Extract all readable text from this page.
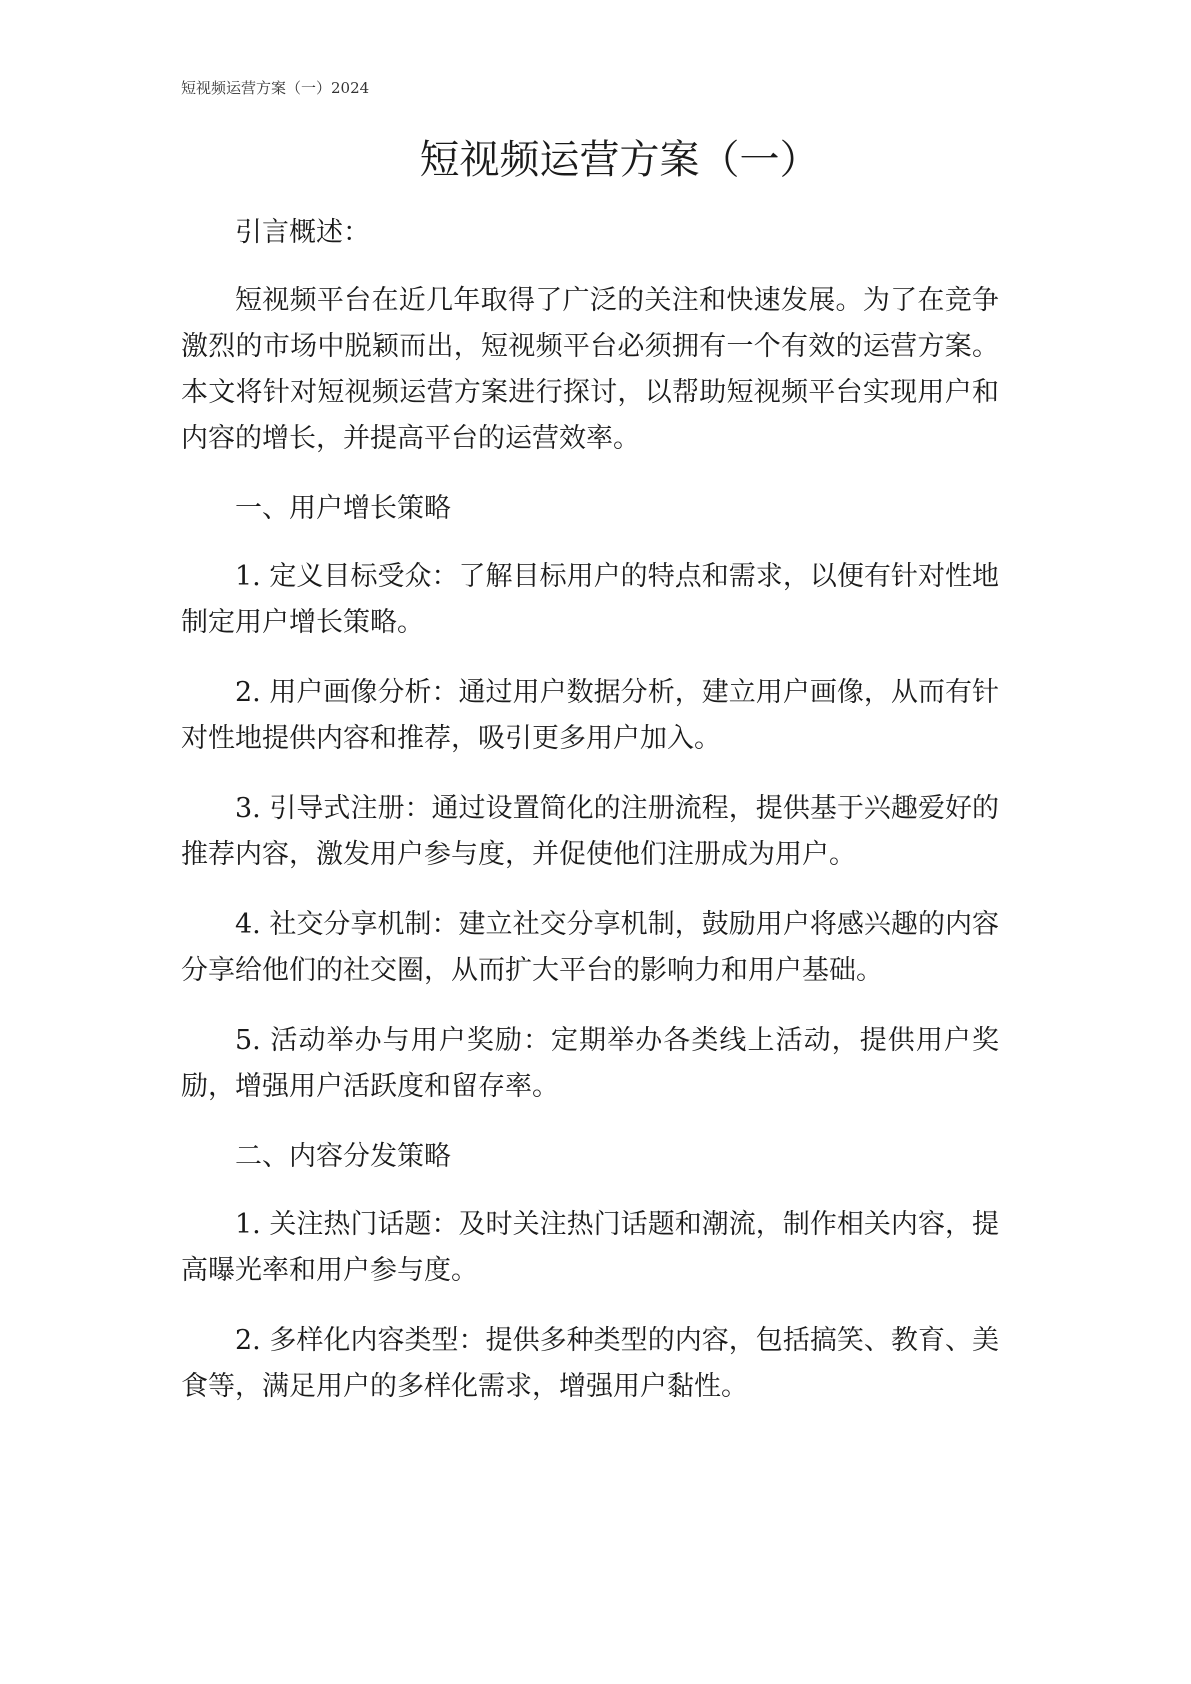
短视频运营方案（一）2024
短视频运营方案（一）

引言概述：

短视频平台在近几年取得了广泛的关注和快速发展。为了在竞争激烈的市场中脱颖而出，短视频平台必须拥有一个有效的运营方案。本文将针对短视频运营方案进行探讨，以帮助短视频平台实现用户和内容的增长，并提高平台的运营效率。

一、用户增长策略

1. 定义目标受众：了解目标用户的特点和需求，以便有针对性地制定用户增长策略。

2. 用户画像分析：通过用户数据分析，建立用户画像，从而有针对性地提供内容和推荐，吸引更多用户加入。

3. 引导式注册：通过设置简化的注册流程，提供基于兴趣爱好的推荐内容，激发用户参与度，并促使他们注册成为用户。

4. 社交分享机制：建立社交分享机制，鼓励用户将感兴趣的内容分享给他们的社交圈，从而扩大平台的影响力和用户基础。

5. 活动举办与用户奖励：定期举办各类线上活动，提供用户奖励，增强用户活跃度和留存率。

二、内容分发策略

1. 关注热门话题：及时关注热门话题和潮流，制作相关内容，提高曝光率和用户参与度。

2. 多样化内容类型：提供多种类型的内容，包括搞笑、教育、美食等，满足用户的多样化需求，增强用户黏性。
